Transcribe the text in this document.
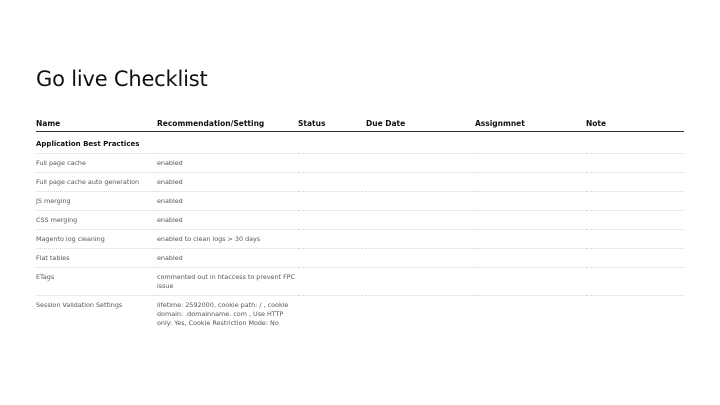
Go live Checklist
Name	Recommendation/Setting	Status	Due Date	Assignmnet	Note

Application Best Practices					

Full page cache	enabled				

Full page cache auto generation	enabled				

JS merging	enabled				

CSS merging	enabled				

Magento log cleaning	enabled to clean logs > 30 days				

Flat tables	enabled				

ETags	commented out in htaccess to prevent FPC issue				

Session Validation Settings	lifetime: 2592000, cookie path: / , cookie domain: .domainname. com , Use HTTP only: Yes, Cookie Restriction Mode: No				
